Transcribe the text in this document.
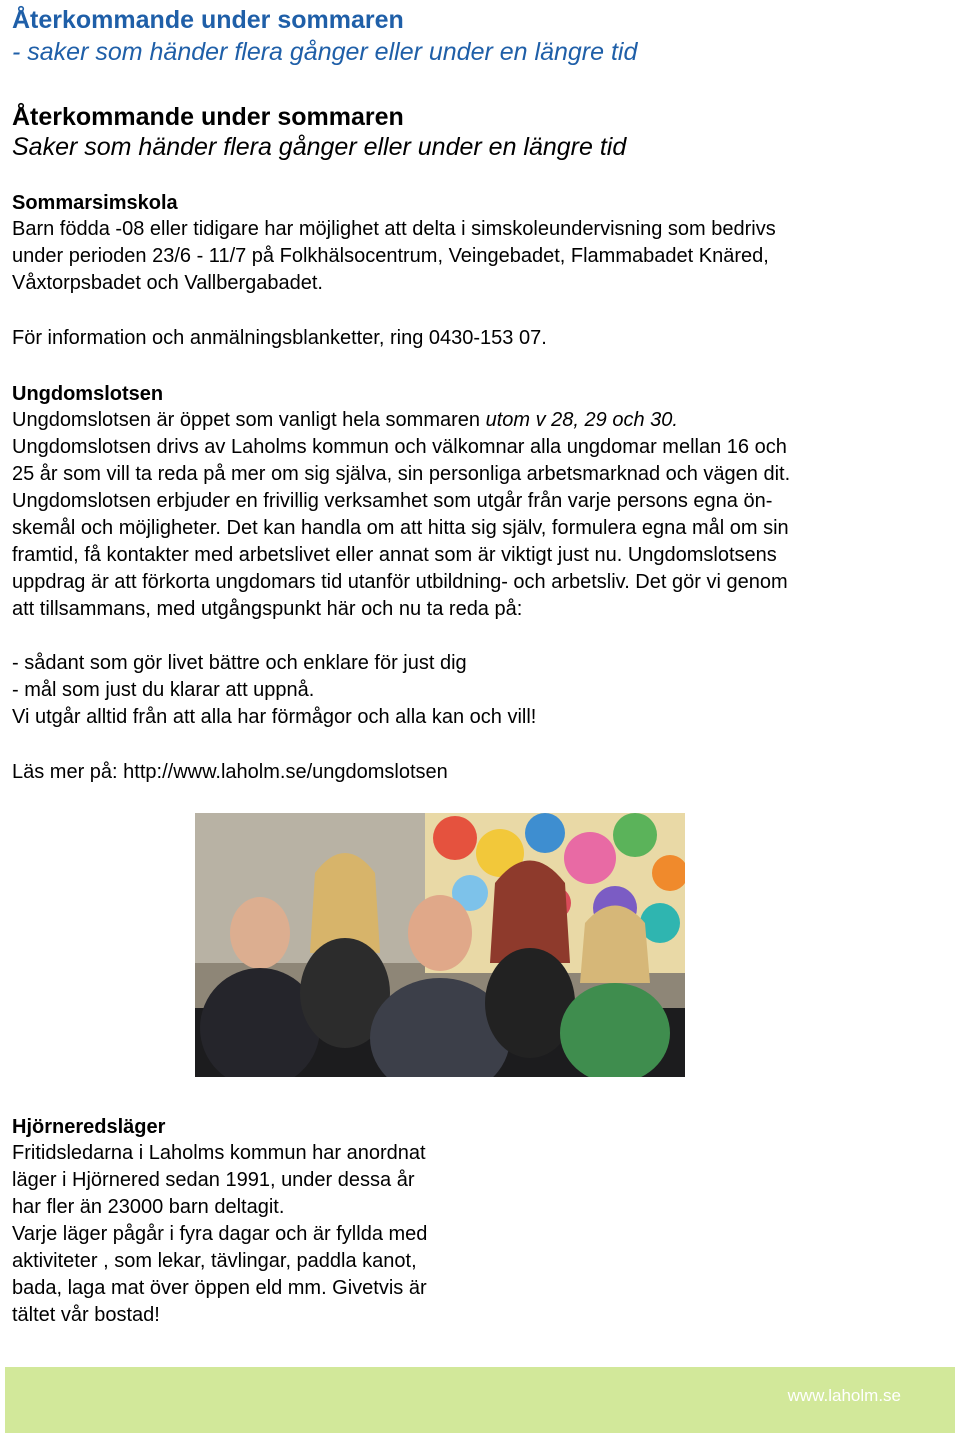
Återkommande under sommaren
- saker som händer flera gånger eller under en längre tid
Återkommande under sommaren
Saker som händer flera gånger eller under en längre tid
Sommarsimskola
Barn födda -08 eller tidigare har möjlighet att delta i simskoleundervisning som bedrivs
under perioden 23/6 - 11/7 på Folkhälsocentrum, Veingebadet, Flammabadet Knäred,
Våxtorpsbadet och Vallbergabadet.
För information och anmälningsblanketter, ring 0430-153 07.
Ungdomslotsen
Ungdomslotsen är öppet som vanligt hela sommaren utom v 28, 29 och 30.
Ungdomslotsen drivs av Laholms kommun och välkomnar alla ungdomar mellan 16 och
25 år som vill ta reda på mer om sig själva, sin personliga arbetsmarknad och vägen dit.
Ungdomslotsen erbjuder en frivillig verksamhet som utgår från varje persons egna ön-
skemål och möjligheter. Det kan handla om att hitta sig själv, formulera egna mål om sin
framtid, få kontakter med arbetslivet eller annat som är viktigt just nu. Ungdomslotsens
uppdrag är att förkorta ungdomars tid utanför utbildning- och arbetsliv. Det gör vi genom
att tillsammans, med utgångspunkt här och nu ta reda på:
- sådant som gör livet bättre och enklare för just dig
- mål som just du klarar att uppnå.
Vi utgår alltid från att alla har förmågor och alla kan och vill!
Läs mer på: http://www.laholm.se/ungdomslotsen
Hjörneredsläger
Fritidsledarna i Laholms kommun har anordnat
läger i Hjörnered sedan 1991, under dessa år
har fler än 23000 barn deltagit.
Varje läger pågår i fyra dagar och är fyllda med
aktiviteter , som lekar, tävlingar, paddla kanot,
bada, laga mat över öppen eld mm. Givetvis är
tältet vår bostad!
www.laholm.se
